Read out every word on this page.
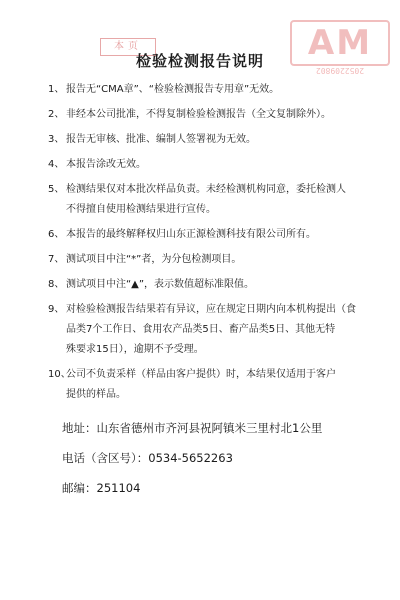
本页	AM
2052209802
检验检测报告说明
1、 报告无“CMA章”、“检验检测报告专用章”无效。
2、 非经本公司批准，不得复制检验检测报告（全文复制除外）。
3、 报告无审核、批准、编制人签署视为无效。
4、 本报告涂改无效。
5、 检测结果仅对本批次样品负责。未经检测机构同意，委托检测人
不得擅自使用检测结果进行宣传。
6、 本报告的最终解释权归山东正源检测科技有限公司所有。
7、 测试项目中注“*”者，为分包检测项目。
8、 测试项目中注“▲”，表示数值超标准限值。
9、 对检验检测报告结果若有异议，应在规定日期内向本机构提出（食
品类7个工作日、食用农产品类5日、畜产品类5日、其他无特
殊要求15日），逾期不予受理。
10、
公司不负责采样（样品由客户提供）时，本结果仅适用于客户
提供的样品。
地址：山东省德州市齐河县祝阿镇米三里村北1公里
电话（含区号）：0534-5652263
邮编：251104
